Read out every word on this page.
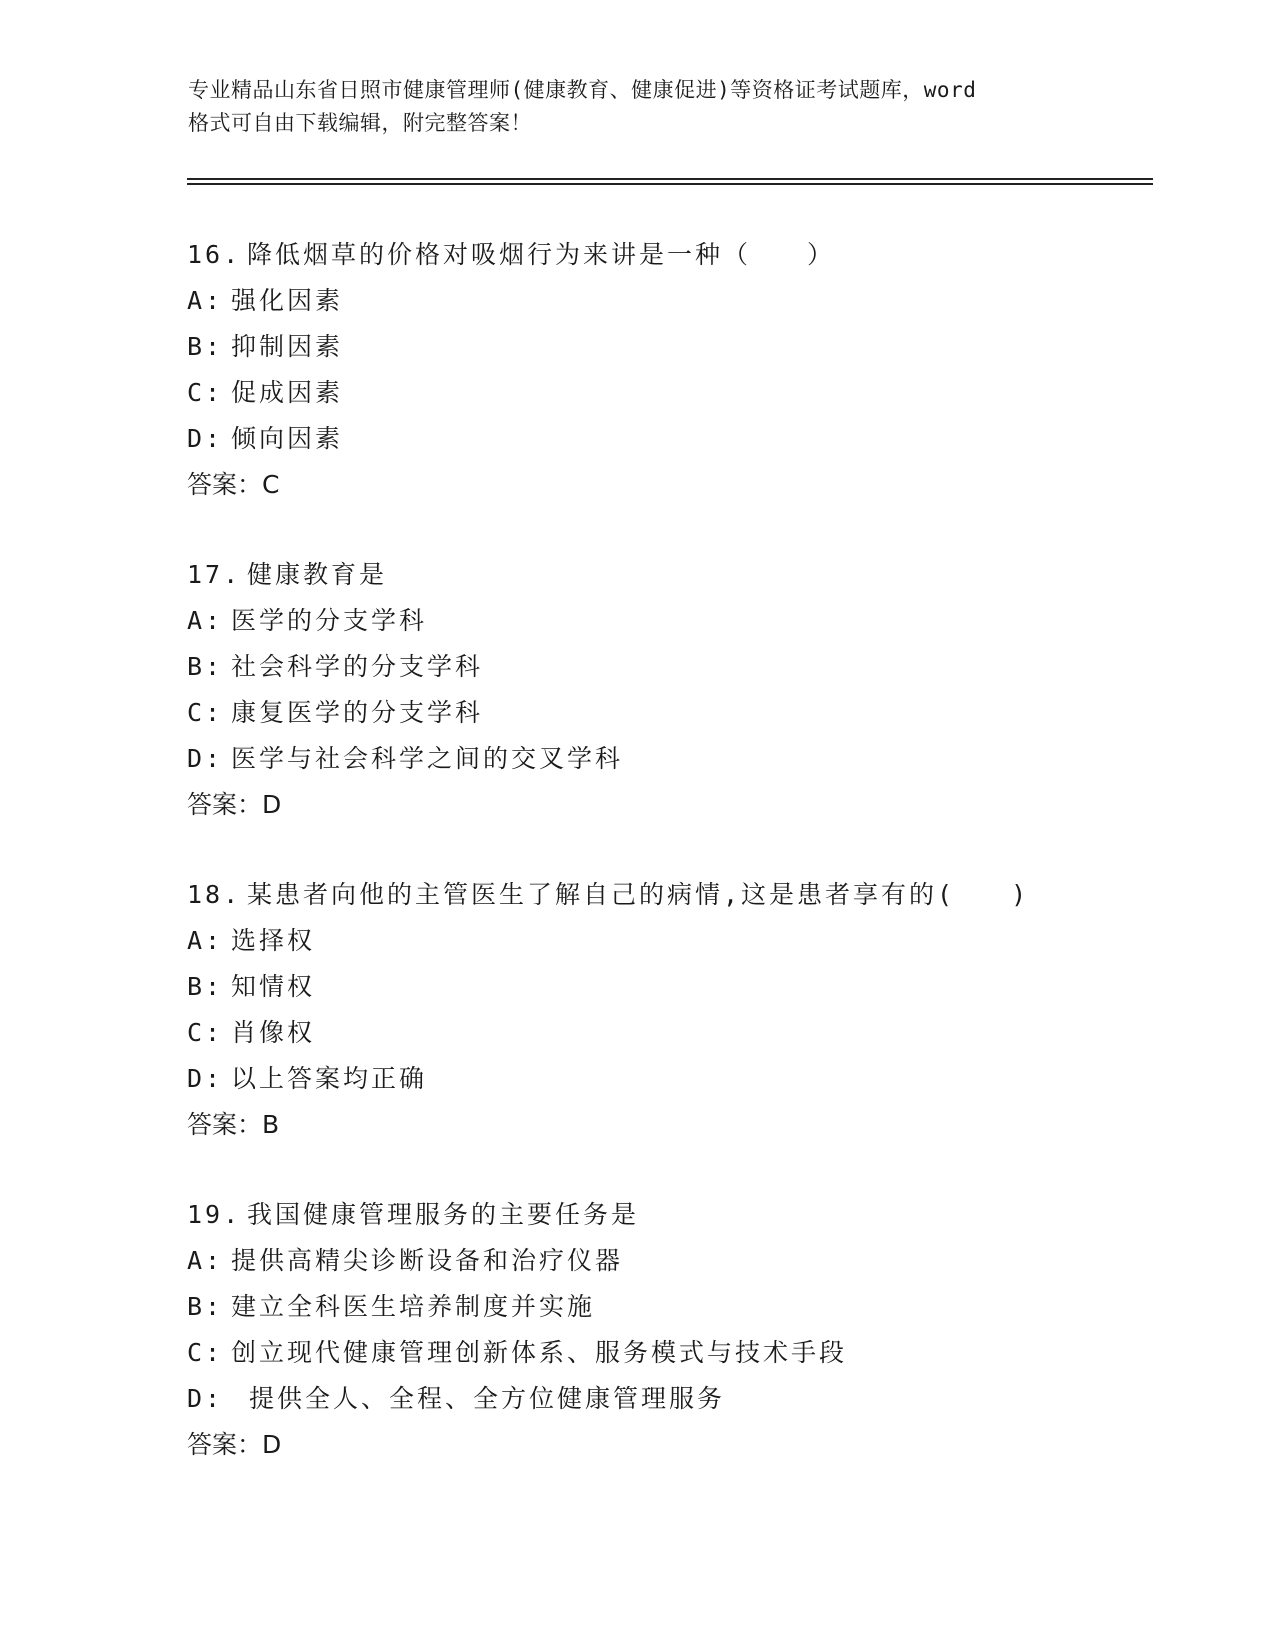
专业精品山东省日照市健康管理师(健康教育、健康促进)等资格证考试题库，word
格式可自由下载编辑，附完整答案！
16. 降低烟草的价格对吸烟行为来讲是一种（　　）
A: 强化因素
B: 抑制因素
C: 促成因素
D: 倾向因素
答案：C
17. 健康教育是
A: 医学的分支学科
B: 社会科学的分支学科
C: 康复医学的分支学科
D: 医学与社会科学之间的交叉学科
答案：D
18. 某患者向他的主管医生了解自己的病情,这是患者享有的(　　)
A: 选择权
B: 知情权
C: 肖像权
D: 以上答案均正确
答案：B
19. 我国健康管理服务的主要任务是
A: 提供高精尖诊断设备和治疗仪器
B: 建立全科医生培养制度并实施
C: 创立现代健康管理创新体系、服务模式与技术手段
D: 提供全人、全程、全方位健康管理服务
答案：D
